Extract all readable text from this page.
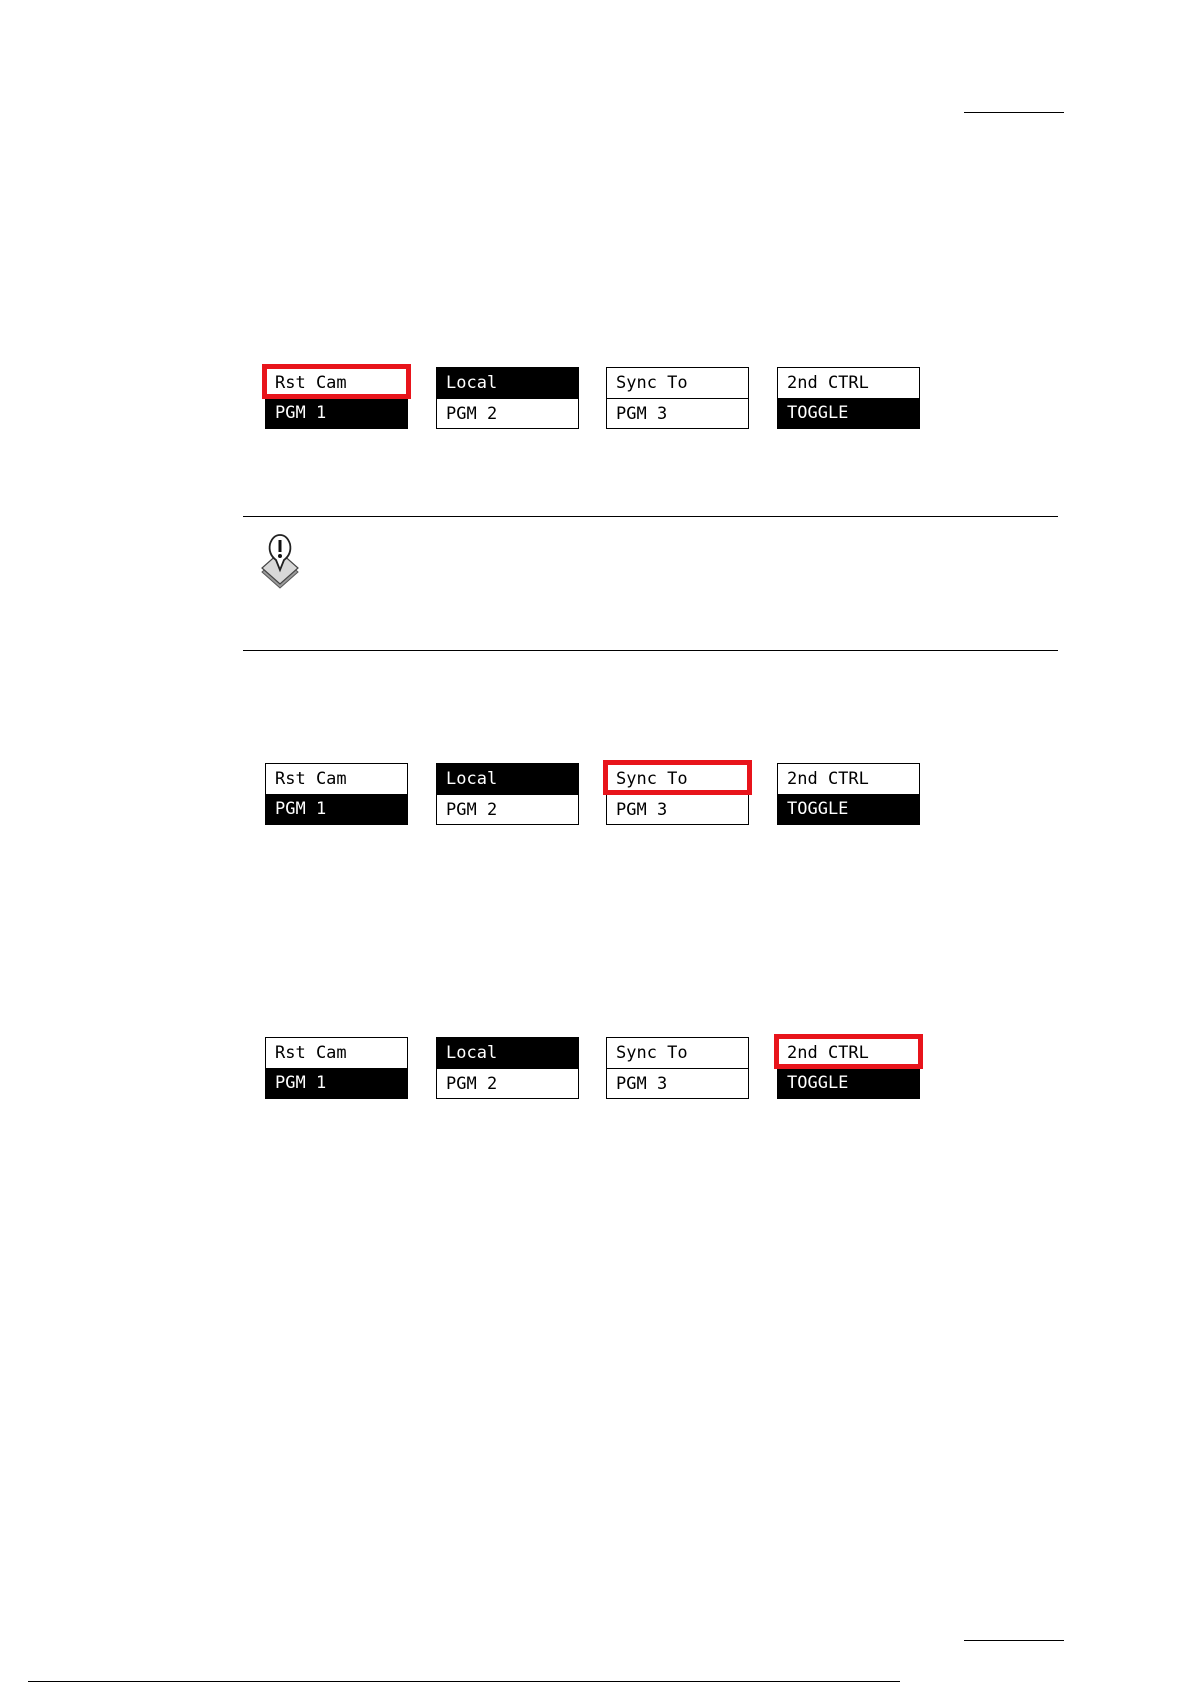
Rst Cam
PGM 1
Local
PGM 2
Sync To
PGM 3
2nd CTRL
TOGGLE
Rst Cam
PGM 1
Local
PGM 2
Sync To
PGM 3
2nd CTRL
TOGGLE
Rst Cam
PGM 1
Local
PGM 2
Sync To
PGM 3
2nd CTRL
TOGGLE
